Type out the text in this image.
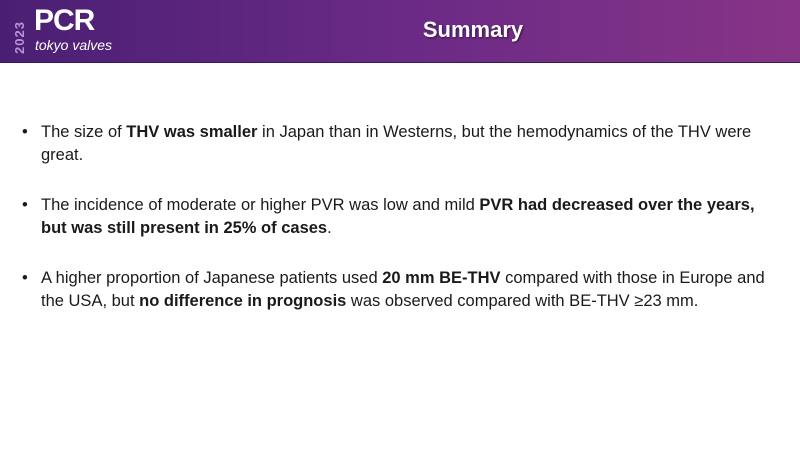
2023
PCR
tokyo valves
Summary
• The size of THV was smaller in Japan than in Westerns, but the hemodynamics of the THV were great.
• The incidence of moderate or higher PVR was low and mild PVR had decreased over the years, but was still present in 25% of cases.
• A higher proportion of Japanese patients used 20 mm BE-THV compared with those in Europe and the USA, but no difference in prognosis was observed compared with BE-THV ≥23 mm.
